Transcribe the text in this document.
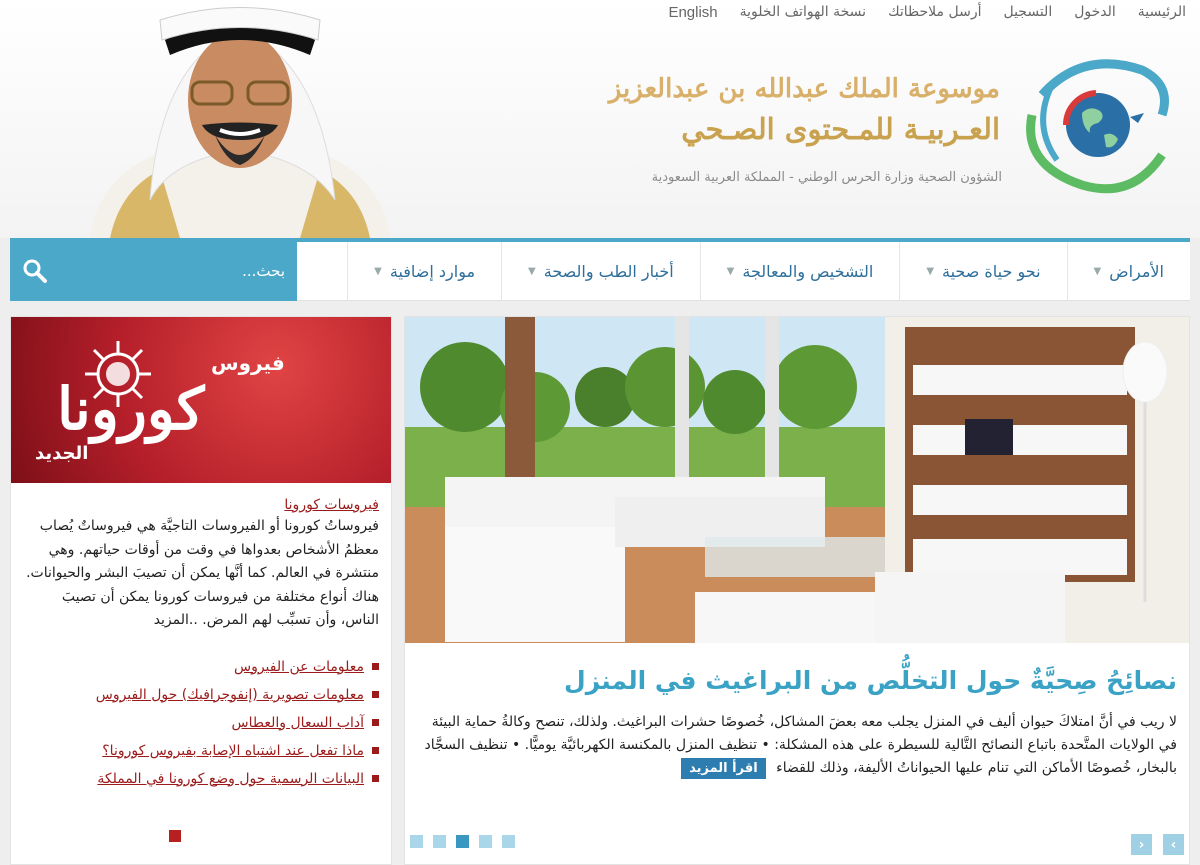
الرئيسية
الدخول
التسجيل
أرسل ملاحظاتك
نسخة الهواتف الخلوية
English
موسوعة الملك عبدالله بن عبدالعزيز
العـربيـة للمـحتوى الصـحي
الشؤون الصحية وزارة الحرس الوطني - المملكة العربية السعودية
الأمراض
▼
نحو حياة صحية
▼
التشخيص والمعالجة
▼
أخبار الطب والصحة
▼
موارد إضافية
▼
بحث...
فيروس
كورونا
الجديد
فيروسات كورونا
فيروساتُ كورونا أو الفيروسات التاجيَّة هي فيروساتٌ يُصاب معظمُ الأشخاص بعدواها في وقت من أوقات حياتهم. وهي منتشرة في العالم. كما أنَّها يمكن أن تصيبَ البشر والحيوانات. هناك أنواع مختلفة من فيروسات كورونا يمكن أن تصيبَ الناس، وأن تسبِّب لهم المرض. ..المزيد
معلومات عن الفيروس
معلومات تصويرية (إنفوجرافيك) حول الفيروس
آداب السعال والعطاس
ماذا تفعل عند اشتباه الإصابة بفيروس كورونا؟
البيانات الرسمية حول وضع كورونا في المملكة
نصائِحُ صِحيَّةٌ حول التخلُّص من البراغيث في المنزل
لا ريب في أنَّ امتلاكَ حيوان أليف في المنزل يجلب معه بعضَ المشاكل، خُصوصًا حشرات البراغيث. ولذلك، تنصح وكالةُ حماية البيئة في الولايات المتَّحدة باتباع النصائح التَّالية للسيطرة على هذه المشكلة: • تنظيف المنزل بالمكنسة الكهربائيَّة يوميًّا. • تنظيف السجَّاد بالبخار، خُصوصًا الأماكن التي تنام عليها الحيواناتُ الأليفة، وذلك للقضاء اقرأ المزيد
›
‹
